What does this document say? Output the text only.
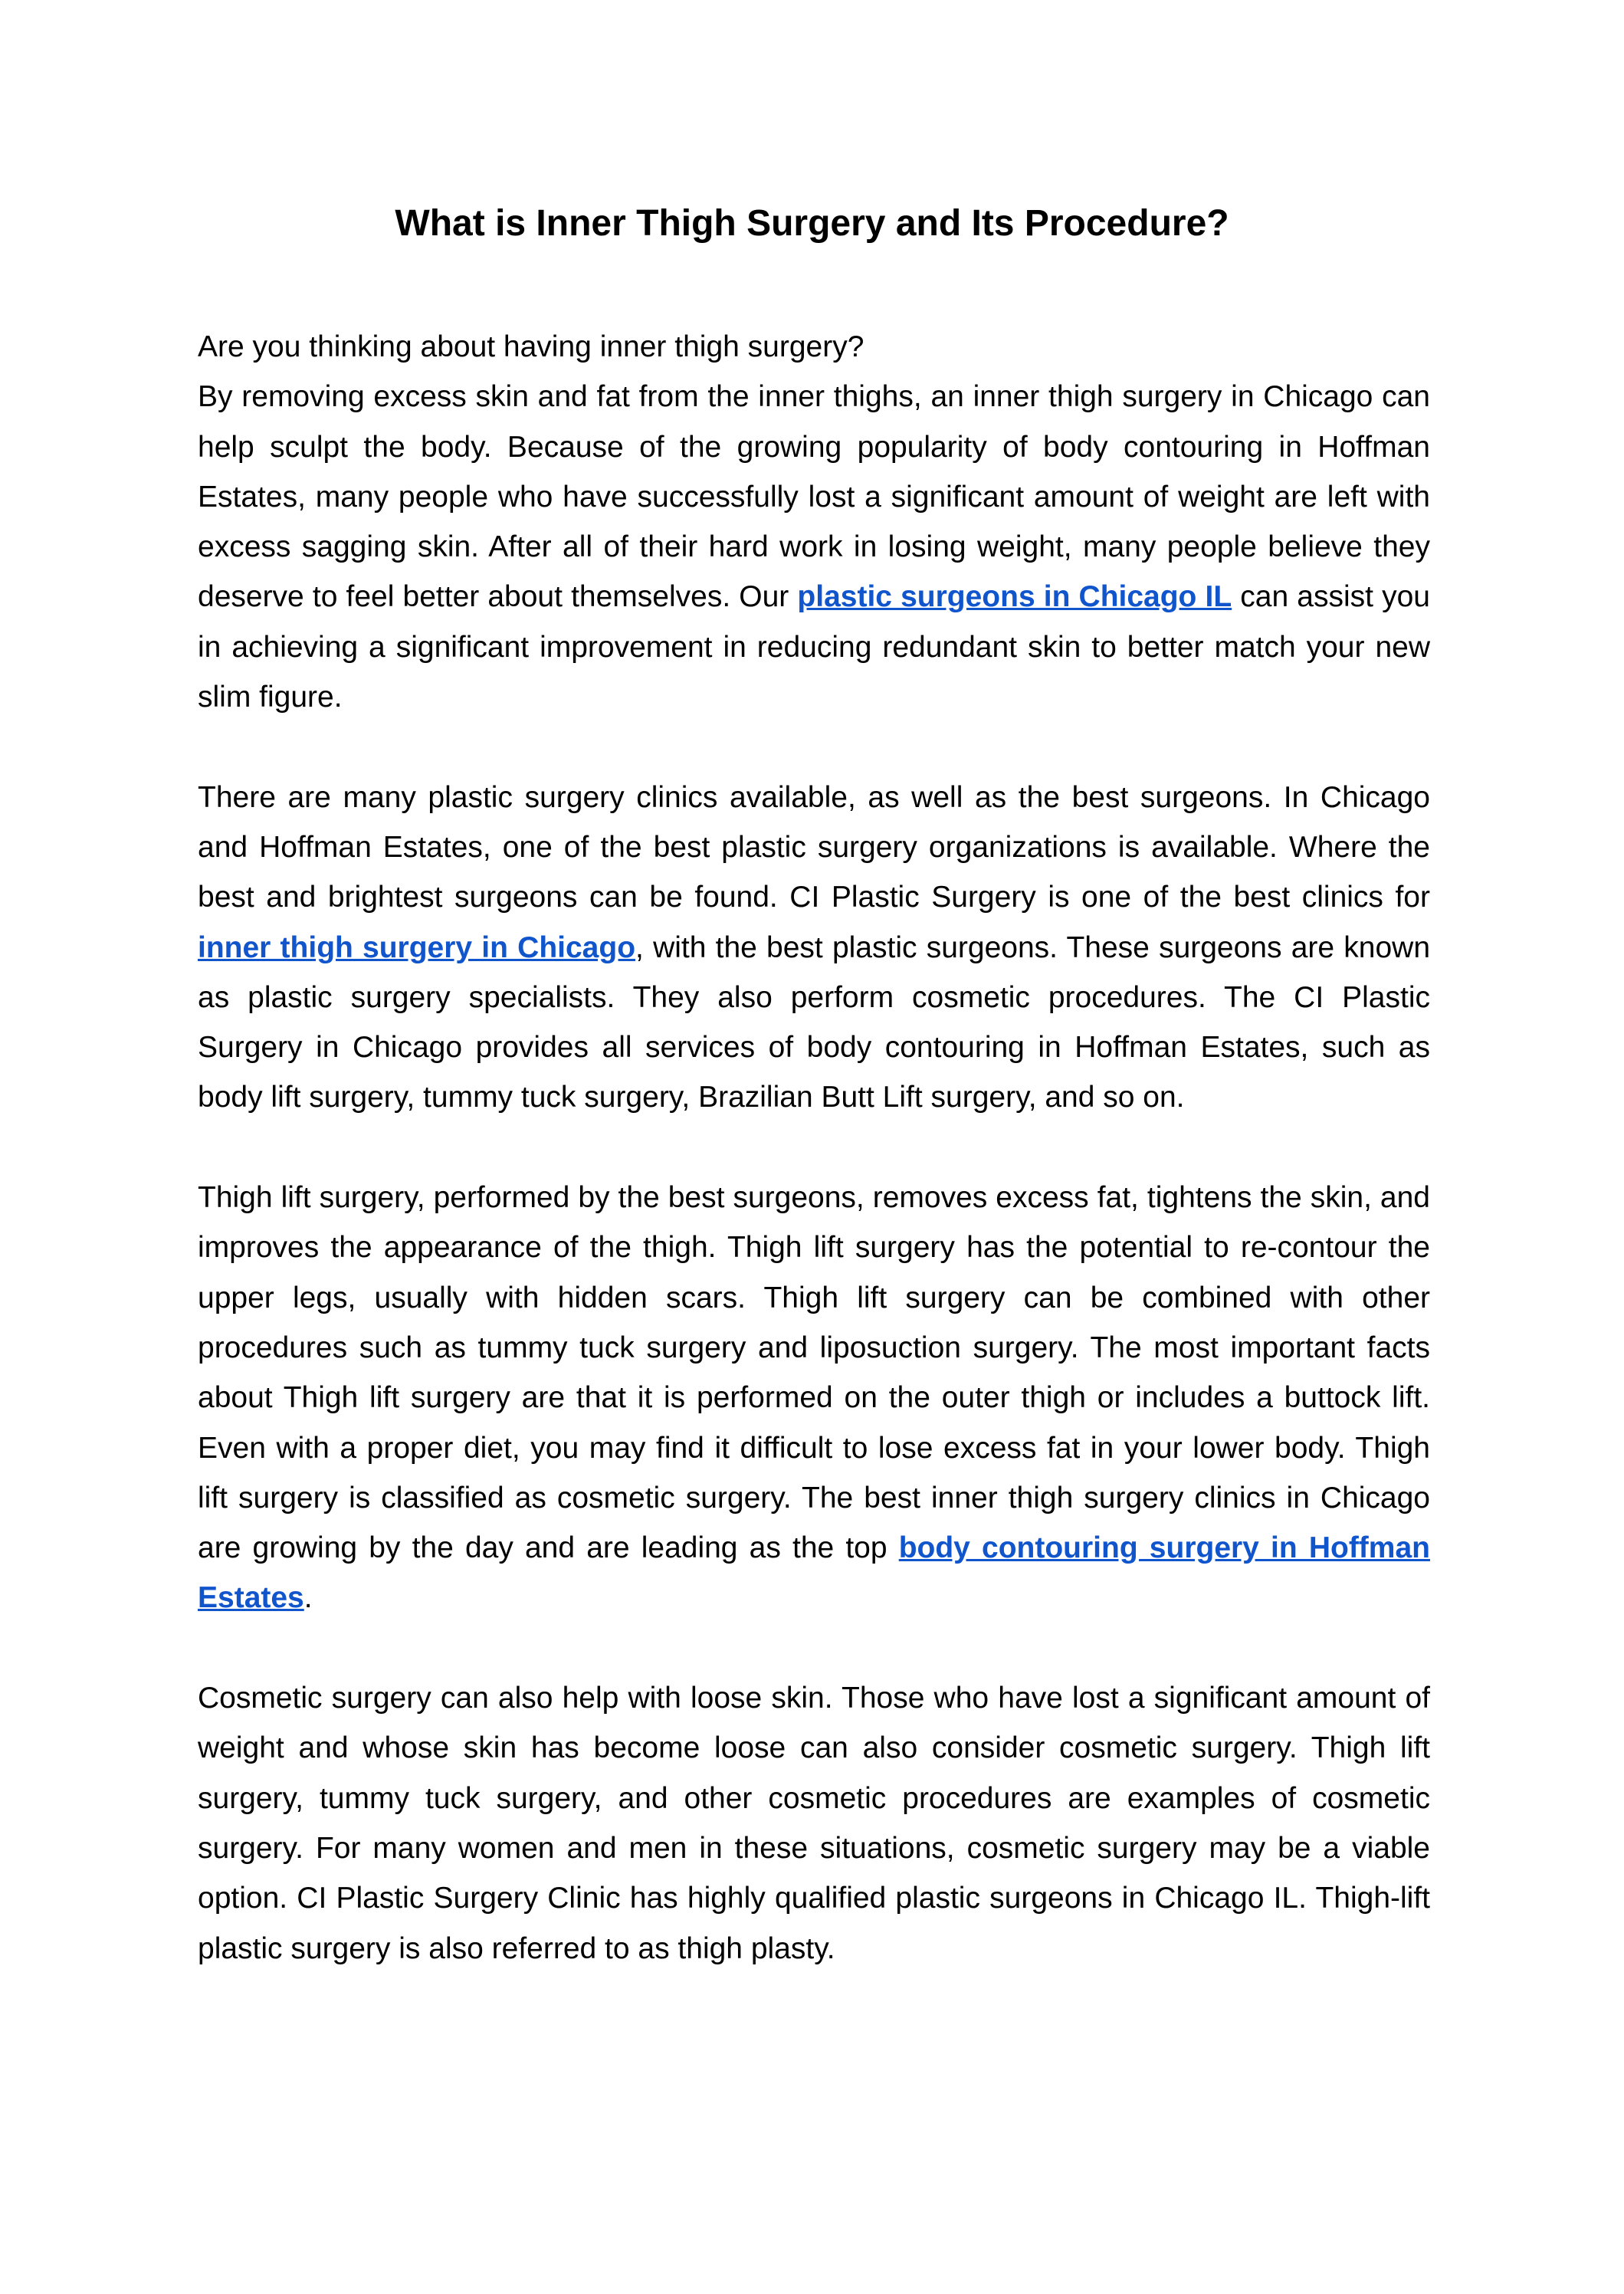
What is Inner Thigh Surgery and Its Procedure?

Are you thinking about having inner thigh surgery?

By removing excess skin and fat from the inner thighs, an inner thigh surgery in Chicago can help sculpt the body. Because of the growing popularity of body contouring in Hoffman Estates, many people who have successfully lost a significant amount of weight are left with excess sagging skin. After all of their hard work in losing weight, many people believe they deserve to feel better about themselves. Our plastic surgeons in Chicago IL can assist you in achieving a significant improvement in reducing redundant skin to better match your new slim figure.

There are many plastic surgery clinics available, as well as the best surgeons. In Chicago and Hoffman Estates, one of the best plastic surgery organizations is available. Where the best and brightest surgeons can be found. CI Plastic Surgery is one of the best clinics for inner thigh surgery in Chicago, with the best plastic surgeons. These surgeons are known as plastic surgery specialists. They also perform cosmetic procedures. The CI Plastic Surgery in Chicago provides all services of body contouring in Hoffman Estates, such as body lift surgery, tummy tuck surgery, Brazilian Butt Lift surgery, and so on.

Thigh lift surgery, performed by the best surgeons, removes excess fat, tightens the skin, and improves the appearance of the thigh. Thigh lift surgery has the potential to re-contour the upper legs, usually with hidden scars. Thigh lift surgery can be combined with other procedures such as tummy tuck surgery and liposuction surgery. The most important facts about Thigh lift surgery are that it is performed on the outer thigh or includes a buttock lift. Even with a proper diet, you may find it difficult to lose excess fat in your lower body. Thigh lift surgery is classified as cosmetic surgery. The best inner thigh surgery clinics in Chicago are growing by the day and are leading as the top body contouring surgery in Hoffman Estates.

Cosmetic surgery can also help with loose skin. Those who have lost a significant amount of weight and whose skin has become loose can also consider cosmetic surgery. Thigh lift surgery, tummy tuck surgery, and other cosmetic procedures are examples of cosmetic surgery. For many women and men in these situations, cosmetic surgery may be a viable option. CI Plastic Surgery Clinic has highly qualified plastic surgeons in Chicago IL. Thigh-lift plastic surgery is also referred to as thigh plasty.
